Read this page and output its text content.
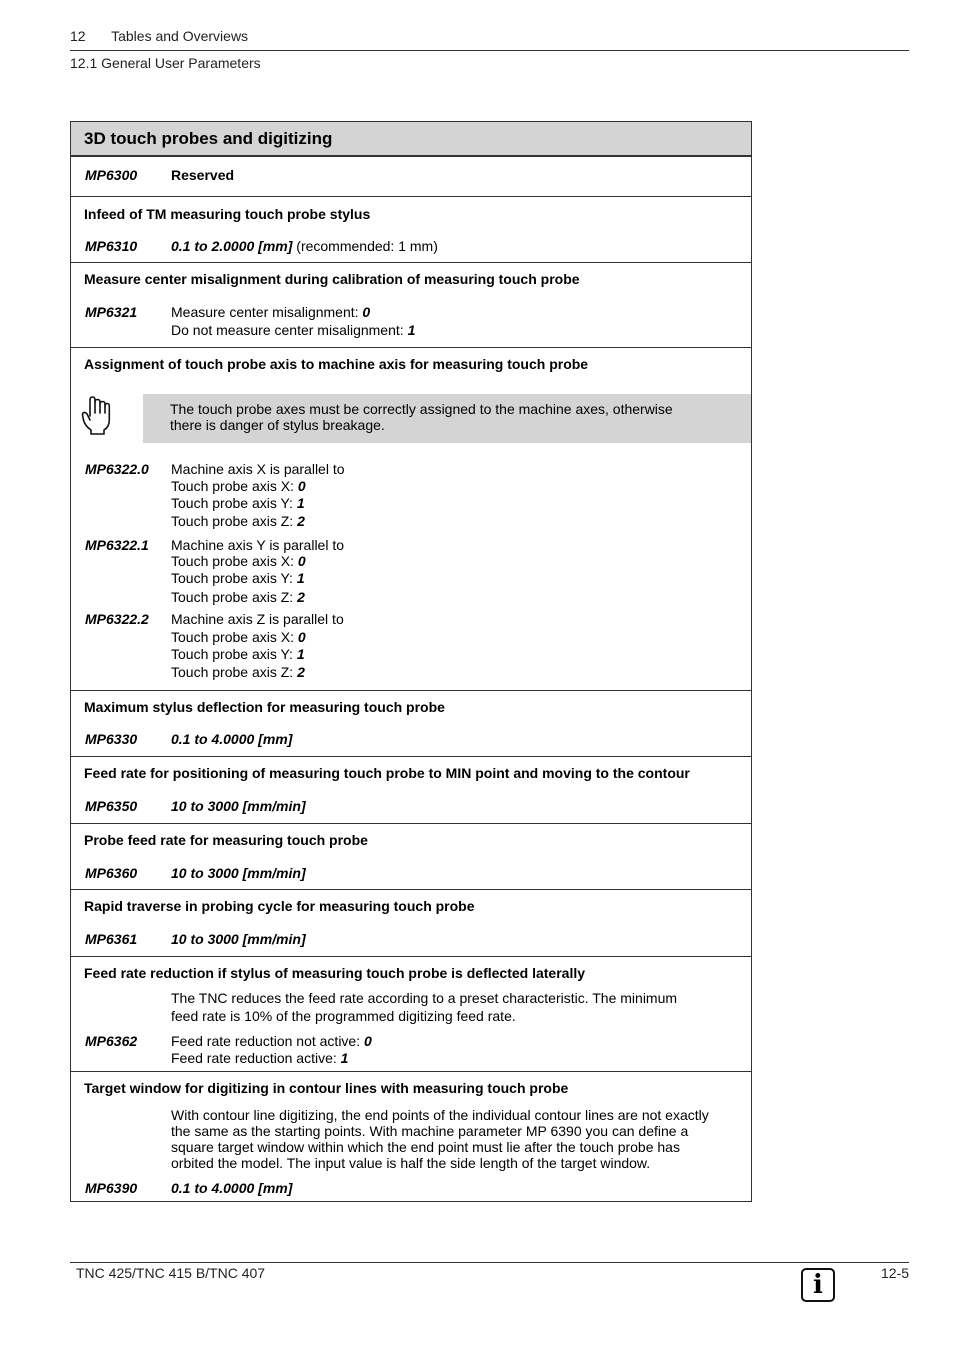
12 Tables and Overviews
12.1 General User Parameters
3D touch probes and digitizing
MP6300 Reserved
Infeed of TM measuring touch probe stylus
MP6310 0.1 to 2.0000 [mm] (recommended: 1 mm)
Measure center misalignment during calibration of measuring touch probe
MP6321 Measure center misalignment: 0
Do not measure center misalignment: 1
Assignment of touch probe axis to machine axis for measuring touch probe
The touch probe axes must be correctly assigned to the machine axes, otherwise
there is danger of stylus breakage.
MP6322.0 Machine axis X is parallel to
Touch probe axis X: 0
Touch probe axis Y: 1
Touch probe axis Z: 2
MP6322.1 Machine axis Y is parallel to
Touch probe axis X: 0
Touch probe axis Y: 1
Touch probe axis Z: 2
MP6322.2 Machine axis Z is parallel to
Touch probe axis X: 0
Touch probe axis Y: 1
Touch probe axis Z: 2
Maximum stylus deflection for measuring touch probe
MP6330 0.1 to 4.0000 [mm]
Feed rate for positioning of measuring touch probe to MIN point and moving to the contour
MP6350 10 to 3000 [mm/min]
Probe feed rate for measuring touch probe
MP6360 10 to 3000 [mm/min]
Rapid traverse in probing cycle for measuring touch probe
MP6361 10 to 3000 [mm/min]
Feed rate reduction if stylus of measuring touch probe is deflected laterally
The TNC reduces the feed rate according to a preset characteristic. The minimum
feed rate is 10% of the programmed digitizing feed rate.
MP6362 Feed rate reduction not active: 0
Feed rate reduction active: 1
Target window for digitizing in contour lines with measuring touch probe
With contour line digitizing, the end points of the individual contour lines are not exactly
the same as the starting points. With machine parameter MP 6390 you can define a
square target window within which the end point must lie after the touch probe has
orbited the model. The input value is half the side length of the target window.
MP6390 0.1 to 4.0000 [mm]
TNC 425/TNC 415 B/TNC 407	i	12-5
